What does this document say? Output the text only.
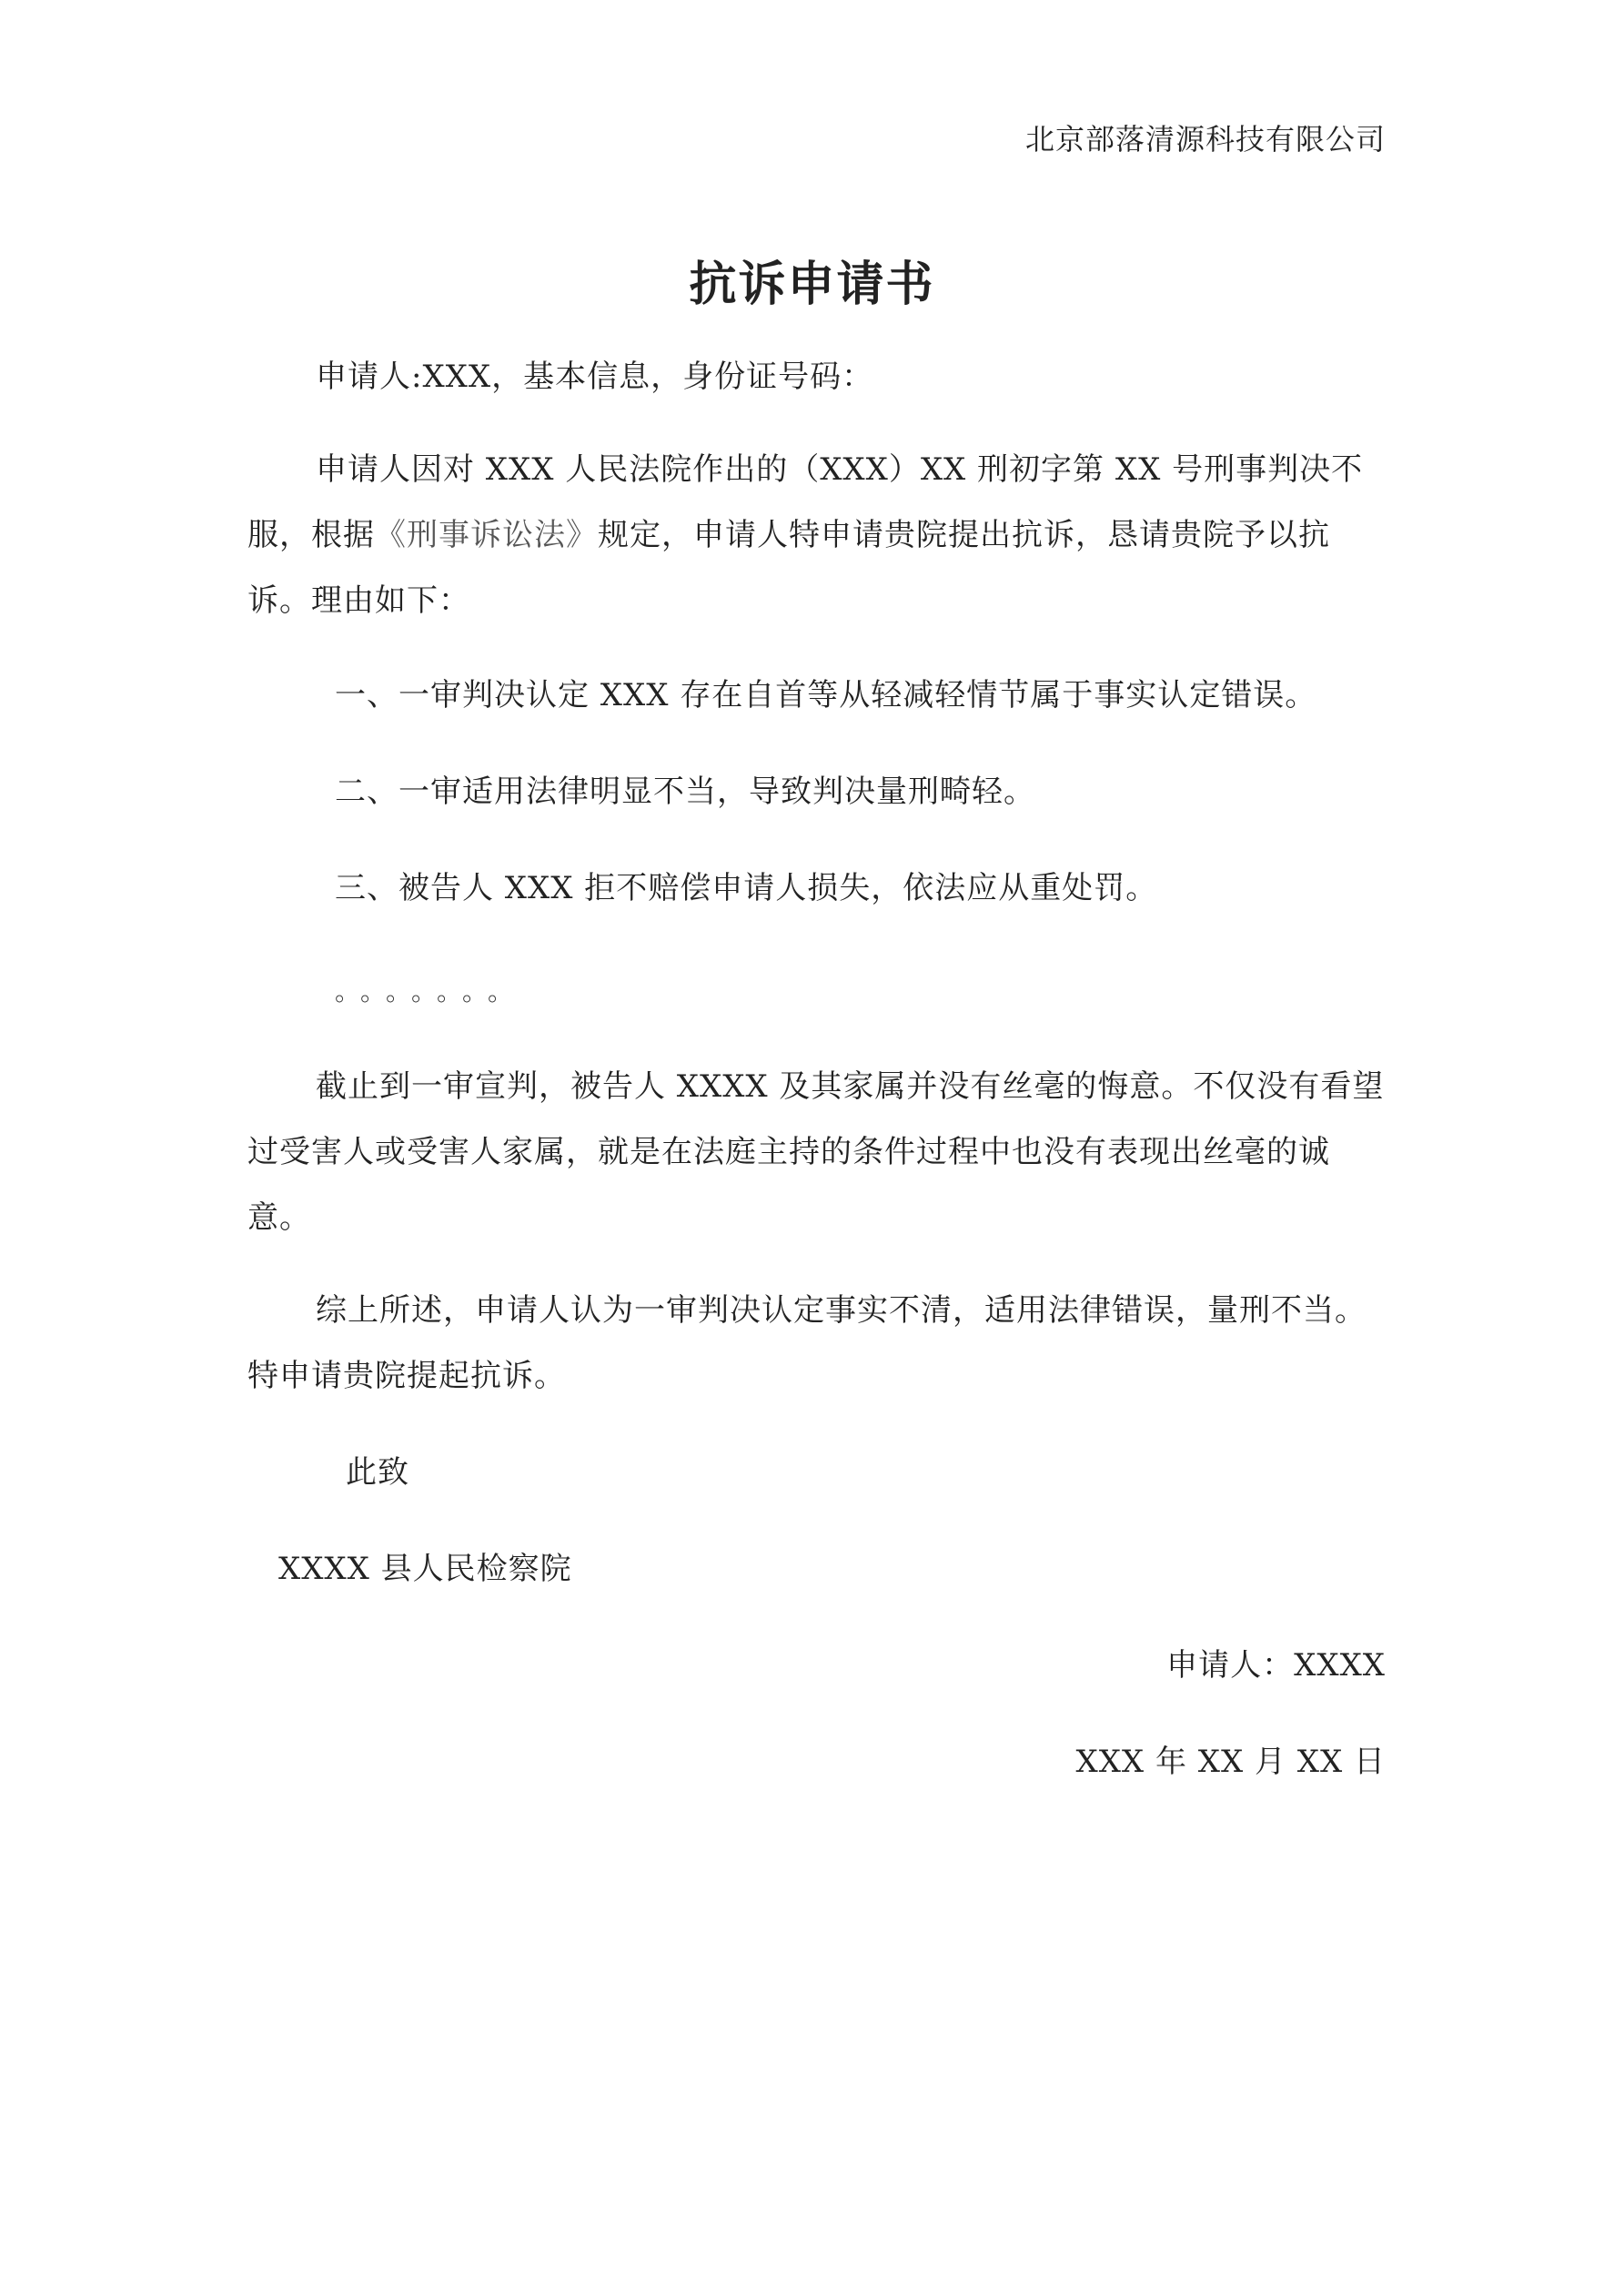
北京部落清源科技有限公司
抗诉申请书
申请人:XXX，基本信息，身份证号码：
申请人因对 XXX 人民法院作出的（XXX）XX 刑初字第 XX 号刑事判决不服，根据《刑事诉讼法》规定，申请人特申请贵院提出抗诉，恳请贵院予以抗诉。理由如下：
一、一审判决认定 XXX 存在自首等从轻减轻情节属于事实认定错误。
二、一审适用法律明显不当，导致判决量刑畸轻。
三、被告人 XXX 拒不赔偿申请人损失，依法应从重处罚。
。。。。。。。
截止到一审宣判，被告人 XXXX 及其家属并没有丝毫的悔意。不仅没有看望过受害人或受害人家属，就是在法庭主持的条件过程中也没有表现出丝毫的诚意。
综上所述，申请人认为一审判决认定事实不清，适用法律错误，量刑不当。特申请贵院提起抗诉。
此致
XXXX 县人民检察院
申请人：XXXX
XXX 年 XX 月 XX 日
